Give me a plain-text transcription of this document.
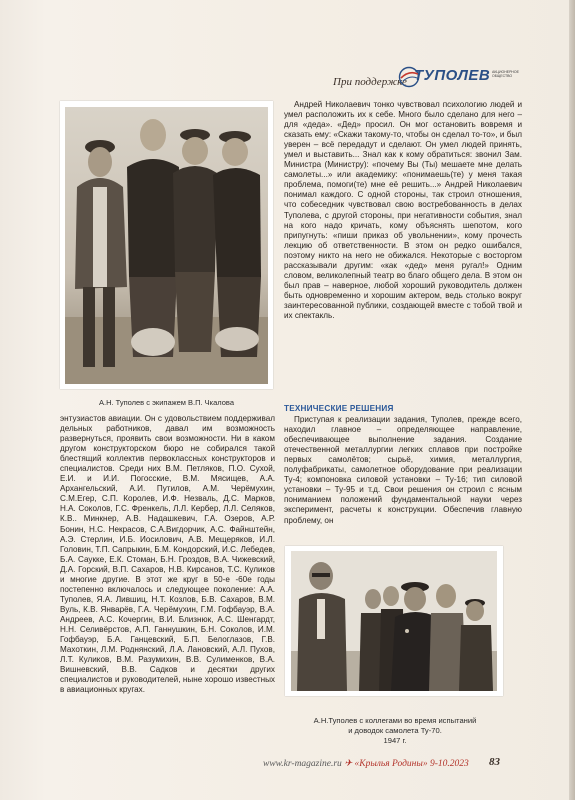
При поддержке ТУПОЛЕВ АКЦИОНЕРНОЕ ОБЩЕСТВО
А.Н. Туполев с экипажем В.П. Чкалова
Андрей Николаевич тонко чувствовал психологию людей и умел расположить их к себе. Много было сделано для него – для «деда». «Дед» просил. Он мог остановить вовремя и сказать ему: «Скажи такому-то, чтобы он сделал то-то», и был уверен – всё передадут и сделают. Он умел людей принять, умел и выставить... Знал как к кому обратиться: звонил Зам. Министра (Министру): «почему Вы (Ты) мешаете мне делать самолеты...» или академику: «понимаешь(те) у меня такая проблема, помоги(те) мне её решить...» Андрей Николаевич понимал каждого. С одной стороны, так строил отношения, что собеседник чувствовал свою востребованность в делах Туполева, с другой стороны, при негативности события, знал на кого надо кричать, кому объяснять шепотом, кого припугнуть: «пиши приказ об увольнении», кому прочесть лекцию об ответственности. В этом он редко ошибался, поэтому никто на него не обижался. Некоторые с восторгом рассказывали другим: «как «дед» меня ругал!» Одним словом, великолепный театр во благо общего дела. В этом он был прав – наверное, любой хороший руководитель должен быть одновременно и хорошим актером, ведь столько вокруг заинтересованной публики, создающей вместе с тобой твой и их спектакль.
ТЕХНИЧЕСКИЕ РЕШЕНИЯ
Приступая к реализации задания, Туполев, прежде всего, находил главное – определяющее направление, обеспечивающее выполнение задания. Создание отечественной металлургии легких сплавов при постройке первых самолётов; сырьё, химия, металлургия, полуфабрикаты, самолетное оборудование при реализации Ту-4; компоновка силовой установки – Ту-16; тип силовой установки – Ту-95 и т.д. Свои решения он строил с ясным пониманием положений фундаментальной науки через эксперимент, расчеты к конструкции. Обеспечив главную проблему, он
энтузиастов авиации. Он с удовольствием поддерживал дельных работников, давал им возможность развернуться, проявить свои возможности. Ни в каком другом конструкторском бюро не собирался такой блестящий коллектив первоклассных конструкторов и специалистов. Среди них В.М. Петляков, П.О. Сухой, Е.И. и И.И. Погосские, В.М. Мясищев, А.А. Архангельский, А.И. Путилов, А.М. Черёмухин, С.М.Егер, С.П. Королев, И.Ф. Незваль, Д.С. Марков, Н.А. Соколов, Г.С. Френкель, Л.Л. Кербер, Л.Л. Селяков, К.В.. Минкнер, А.В. Надашкевич, Г.А. Озеров, А.Р. Бонин, Н.С. Некрасов, С.А.Вигдорчик, А.С. Файнштейн, А.Э. Стерлин, И.Б. Иосилович, А.В. Мещеряков, И.Л. Головин, Т.П. Сапрыкин, Б.М. Кондорский, И.С. Лебедев, Б.А. Саукке, Е.К. Стоман, Б.Н. Гроздов, В.А. Чижевский, Д.А. Горский, В.П. Сахаров, Н.В. Кирсанов, Т.С. Куликов и многие другие. В этот же круг в 50-е -60е годы постепенно включалось и следующее поколение: А.А. Туполев, Я.А. Лившиц, Н.Т. Козлов, Б.В. Сахаров, В.М. Вуль, К.В. Январёв, Г.А. Черёмухин, Г.М. Гофбауэр, В.А. Андреев, А.С. Кочергин, В.И. Близнюк, А.С. Шенгардт, Н.Н. Селивёрстов, А.П. Ганнушкин, Б.Н. Соколов, И.М. Гофбауэр, Б.А. Ганцевский, Б.П. Белоглазов, Г.В. Махоткин, Л.М. Роднянский, Л.А. Лановский, А.Л. Пухов, Л.Т. Куликов, В.М. Разумихин, В.В. Сулименков, В.А. Вишневский, В.В. Садков и десятки других специалистов и руководителей, ныне хорошо известных в авиационных кругах.
А.Н.Туполев с коллегами во время испытаний
и доводок самолета Ту-70.
1947 г.
www.kr-magazine.ru ✈ «Крылья Родины» 9-10.2023 83
